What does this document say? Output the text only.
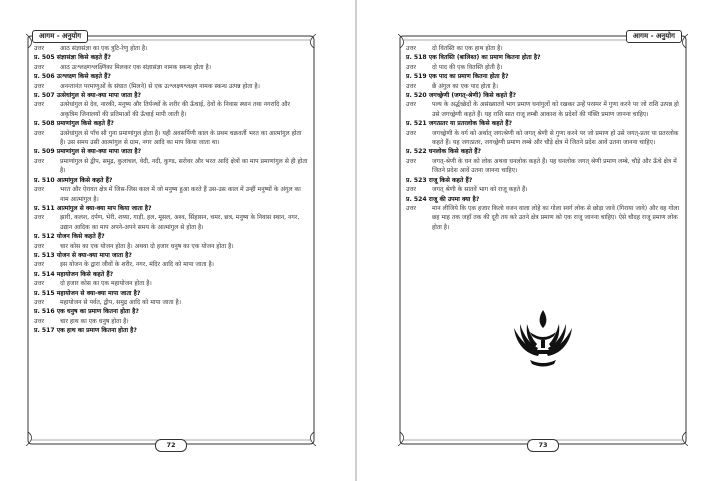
आगम - अनुयोग
उत्तर	आठ संज्ञासंज्ञा का एक त्रुटि-रेणु होता है।
प्र. 505 संज्ञासंज्ञा किसे कहते हैं?
उत्तर	आठ उत्श्लक्ष्णश्लक्ष्णिका मिलकर एक संज्ञासंज्ञा नामक स्कन्ध होता है।
प्र. 506 उत्श्लक्ष्ण किसे कहते हैं?
उत्तर	अनन्तानंत परमाणुओं के संघात (मिलने) से एक उत्श्लक्ष्णश्लक्ष्ण नामक स्कन्ध उत्पन्न होता है।
प्र. 507 उत्सेधांगुल से क्या-क्या मापा जाता है?
उत्तर	उत्सेधांगुल से देव, नारकी, मनुष्य और तिर्यञ्चों के शरीर की ऊँचाई, देवों के निवास स्थान तथा नगरादि और अकृत्रिम जिनालयों की प्रतिमाओं की ऊँचाई मापी जाती है।
प्र. 508 प्रमाणांगुल किसे कहते हैं?
उत्तर	उत्सेधांगुल से पाँच सौ गुना प्रमाणांगुल होता है। यही अवसर्पिणी काल के प्रथम चक्रवर्ती भरत का आत्मांगुल होता है। उस समय उसी आत्मांगुल से ग्राम, नगर आदि का माप किया जाता था।
प्र. 509 प्रमाणांगुल से क्या-क्या मापा जाता है?
उत्तर	प्रमाणांगुल से द्वीप, समुद्र, कुलाचल, वेदी, नदी, कुण्ड, सरोवर और भरत आदि क्षेत्रों का माप प्रमाणांगुल से ही होता है।
प्र. 510 आत्मांगुल किसे कहते हैं?
उत्तर	भरत और ऐरावत क्षेत्र में जिस-जिस काल में जो मनुष्य हुआ करते हैं उस-उस काल में उन्हीं मनुष्यों के अंगुल का नाम आत्मांगुल है।
प्र. 511 आत्मांगुल से क्या-क्या माप किया जाता है?
उत्तर	झारी, कलश, दर्पण, भेरी, शय्या, गाड़ी, हल, मूसल, अश्व, सिंहासन, चमर, छत्र, मनुष्य के निवास स्थान, नगर, उद्यान आदिक का माप अपने-अपने समय के आत्मांगुल से होता है।
प्र. 512 योजन किसे कहते हैं?
उत्तर	चार कोस का एक योजन होता है। अथवा दो हजार धनुष का एक योजन होता है।
प्र. 513 योजन से क्या-क्या मापा जाता है?
उत्तर	इस योजन के द्वारा जीवों के शरीर, नगर, मंदिर आदि को मापा जाता है।
प्र. 514 महायोजन किसे कहते हैं?
उत्तर	दो हजार कोस का एक महायोजन होता है।
प्र. 515 महायोजन से क्या-क्या मापा जाता है?
उत्तर	महायोजन से पर्वत, द्वीप, समुद्र आदि को मापा जाता है।
प्र. 516 एक धनुष का प्रमाण कितना होता है?
उत्तर	चार हाथ का एक धनुष होता है।
प्र. 517 एक हाथ का प्रमाण कितना होता है?
72
आगम - अनुयोग
उत्तर	दो वितस्ति का एक हाथ होता है।
प्र. 518 एक वितस्ति (बालिश्त) का प्रमाण कितना होता है?
उत्तर	दो पाद की एक वितस्ति होती है।
प्र. 519 एक पाद का प्रमाण कितना होता है?
उत्तर	छै अंगुल का एक पाद होता है।
प्र. 520 जगच्छ्रेणी (जगत्-श्रेणी) किसे कहते हैं?
उत्तर	पल्य के अर्द्धच्छेदों के असंख्यातवें भाग प्रमाण घनांगुलों को रखकर उन्हें परस्पर में गुणा करने पर जो राशि उत्पन्न हो उसे जगच्छ्रेणी कहते हैं। यह राशि सात राजू लम्बी आकाश के प्रदेशों की पंक्ति प्रमाण जानना चाहिए।
प्र. 521 जगत्प्रतर या प्रतरलोक किसे कहते हैं?
उत्तर	जगच्छ्रेणी के वर्ग को अर्थात् जगत्श्रेणी को जगत् श्रेणी से गुणा करने पर जो प्रमाण हो उसे जगत्-प्रतर या प्रतरलोक कहते हैं। यह जगत्प्रतर, जगच्छ्रेणी प्रमाण लम्बे और चौड़े क्षेत्र में जितने प्रदेश आवें उतना जानना चाहिए।
प्र. 522 घनलोक किसे कहते हैं?
उत्तर	जगत्-श्रेणी के घन को लोक अथवा घनलोक कहते हैं। यह घनलोक जगत् श्रेणी प्रमाण लम्बे, चौड़े और ऊँचे क्षेत्र में जितने प्रदेश आवें उतना जानना चाहिए।
प्र. 523 राजू किसे कहते हैं?
उत्तर	जगत् श्रेणी के सातवें भाग को राजू कहते हैं।
प्र. 524 राजू की उपमा क्या है?
उत्तर	मान लीजिये कि एक हजार किलो वजन वाला लोहे का गोला स्वर्ग लोक से छोड़ा जावे (गिराया जावे) और वह गोला छह माह तक जहाँ तक की दूरी तय करे उतने क्षेत्र प्रमाण को एक राजू जानना चाहिए। ऐसे चौदह राजू प्रमाण लोक होता है।
73
